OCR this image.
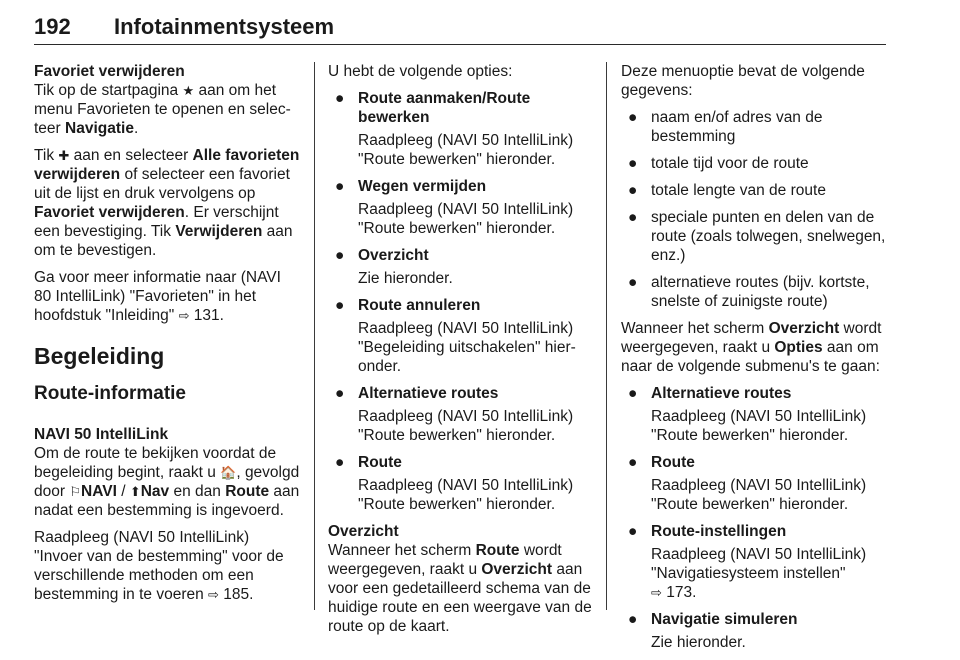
192 Infotainmentsysteem

Favoriet verwijderen

Tik op de startpagina ★ aan om het menu Favorieten te openen en selecteer Navigatie.

Tik ✚ aan en selecteer Alle favorieten verwijderen of selecteer een favoriet uit de lijst en druk vervolgens op Favoriet verwijderen. Er verschijnt een bevestiging. Tik Verwijderen aan om te bevestigen.

Ga voor meer informatie naar (NAVI 80 IntelliLink) "Favorieten" in het hoofdstuk "Inleiding" ⇨ 131.

Begeleiding
Route-informatie

NAVI 50 IntelliLink

Om de route te bekijken voordat de begeleiding begint, raakt u 🏠, gevolgd door ⚐NAVI / ⬆Nav en dan Route aan nadat een bestemming is ingevoerd.

Raadpleeg (NAVI 50 IntelliLink) "Invoer van de bestemming" voor de verschillende methoden om een bestemming in te voeren ⇨ 185.

U hebt de volgende opties:

● Route aanmaken/Route bewerken

Raadpleeg (NAVI 50 IntelliLink) "Route bewerken" hieronder.

● Wegen vermijden

Raadpleeg (NAVI 50 IntelliLink) "Route bewerken" hieronder.

● Overzicht

Zie hieronder.

● Route annuleren

Raadpleeg (NAVI 50 IntelliLink) "Begeleiding uitschakelen" hieronder.

● Alternatieve routes

Raadpleeg (NAVI 50 IntelliLink) "Route bewerken" hieronder.

● Route

Raadpleeg (NAVI 50 IntelliLink) "Route bewerken" hieronder.

Overzicht

Wanneer het scherm Route wordt weergegeven, raakt u Overzicht aan voor een gedetailleerd schema van de huidige route en een weergave van de route op de kaart.

Deze menuoptie bevat de volgende gegevens:

● naam en/of adres van de bestemming

● totale tijd voor de route

● totale lengte van de route

● speciale punten en delen van de route (zoals tolwegen, snelwegen, enz.)

● alternatieve routes (bijv. kortste, snelste of zuinigste route)

Wanneer het scherm Overzicht wordt weergegeven, raakt u Opties aan om naar de volgende submenu's te gaan:

● Alternatieve routes

Raadpleeg (NAVI 50 IntelliLink) "Route bewerken" hieronder.

● Route

Raadpleeg (NAVI 50 IntelliLink) "Route bewerken" hieronder.

● Route-instellingen

Raadpleeg (NAVI 50 IntelliLink) "Navigatiesysteem instellen"
⇨ 173.

● Navigatie simuleren

Zie hieronder.
